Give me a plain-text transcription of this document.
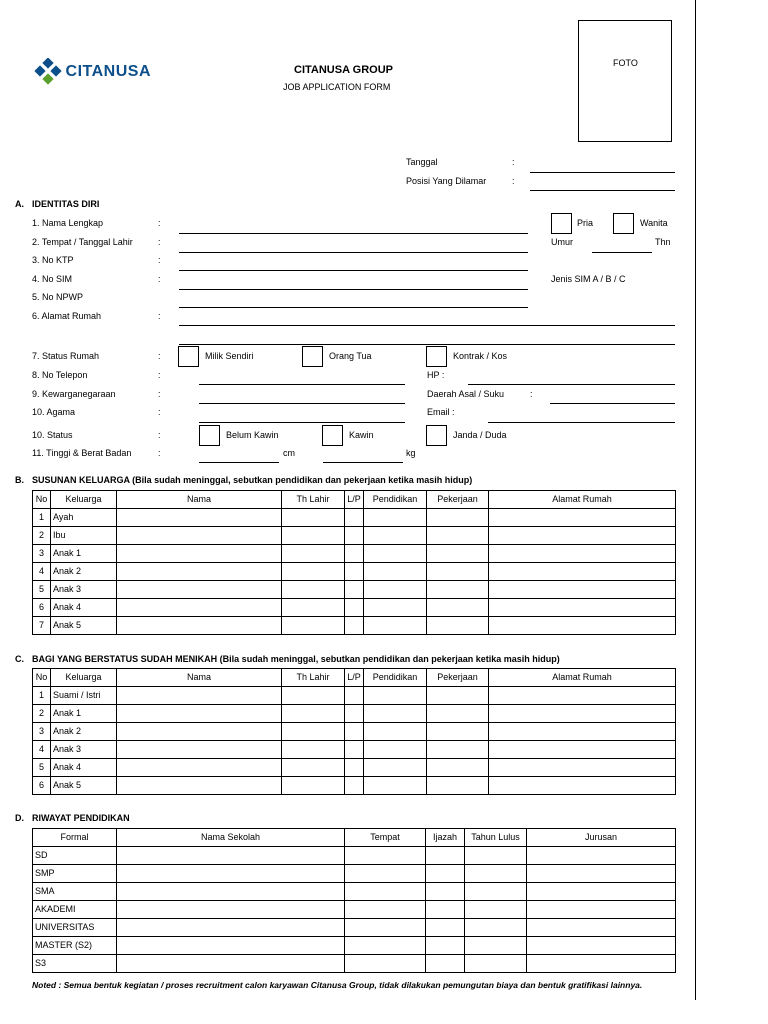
CITANUSA	CITANUSA GROUP
JOB APPLICATION FORM
FOTO
Tanggal	:
Posisi Yang Dilamar	:
A. IDENTITAS DIRI
1. Nama Lengkap	:	Pria	Wanita
2. Tempat / Tanggal Lahir	:	Umur	Thn
3. No KTP	:
4. No SIM	:	Jenis SIM A / B / C
5. No NPWP
6. Alamat Rumah	:
7. Status Rumah	:	Milik Sendiri	Orang Tua	Kontrak / Kos
8. No Telepon	:	HP :
9. Kewarganegaraan	:	Daerah Asal / Suku	:
10. Agama	:	Email :
10. Status	:	Belum Kawin	Kawin	Janda / Duda
11. Tinggi & Berat Badan	:	cm	kg
B. SUSUNAN KELUARGA (Bila sudah meninggal, sebutkan pendidikan dan pekerjaan ketika masih hidup)
No	Keluarga	Nama	Th Lahir	L/P	Pendidikan	Pekerjaan	Alamat Rumah
1	Ayah						
2	Ibu						
3	Anak 1						
4	Anak 2						
5	Anak 3						
6	Anak 4						
7	Anak 5						
C. BAGI YANG BERSTATUS SUDAH MENIKAH (Bila sudah meninggal, sebutkan pendidikan dan pekerjaan ketika masih hidup)
No	Keluarga	Nama	Th Lahir	L/P	Pendidikan	Pekerjaan	Alamat Rumah
1	Suami / Istri						
2	Anak 1						
3	Anak 2						
4	Anak 3						
5	Anak 4						
6	Anak 5						
D. RIWAYAT PENDIDIKAN
Formal	Nama Sekolah	Tempat	Ijazah	Tahun Lulus	Jurusan
SD					
SMP					
SMA					
AKADEMI					
UNIVERSITAS					
MASTER (S2)					
S3					
Noted : Semua bentuk kegiatan / proses recruitment calon karyawan Citanusa Group, tidak dilakukan pemungutan biaya dan bentuk gratifikasi lainnya.
